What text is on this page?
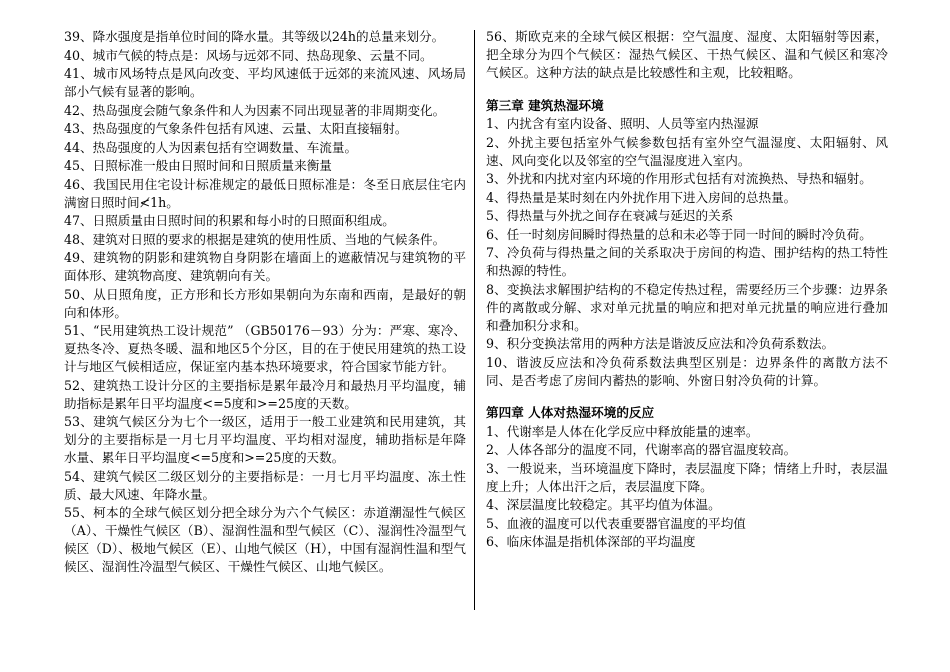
39、降水强度是指单位时间的降水量。其等级以24h的总量来划分。

40、城市气候的特点是：风场与远郊不同、热岛现象、云量不同。

41、城市风场特点是风向改变、平均风速低于远郊的来流风速、风场局部小气候有显著的影响。

42、热岛强度会随气象条件和人为因素不同出现显著的非周期变化。

43、热岛强度的气象条件包括有风速、云量、太阳直接辐射。

44、热岛强度的人为因素包括有空调数量、车流量。

45、日照标准一般由日照时间和日照质量来衡量

46、我国民用住宅设计标准规定的最低日照标准是：冬至日底层住宅内满窗日照时间≮1h。

47、日照质量由日照时间的积累和每小时的日照面积组成。

48、建筑对日照的要求的根据是建筑的使用性质、当地的气候条件。

49、建筑物的阴影和建筑物自身阴影在墙面上的遮蔽情况与建筑物的平面体形、建筑物高度、建筑朝向有关。

50、从日照角度，正方形和长方形如果朝向为东南和西南，是最好的朝向和体形。

51、“民用建筑热工设计规范” （GB50176－93）分为：严寒、寒冷、夏热冬冷、夏热冬暖、温和地区5个分区，目的在于使民用建筑的热工设计与地区气候相适应，保证室内基本热环境要求，符合国家节能方针。

52、建筑热工设计分区的主要指标是累年最冷月和最热月平均温度，辅助指标是累年日平均温度<=5度和>=25度的天数。

53、建筑气候区分为七个一级区，适用于一般工业建筑和民用建筑，其划分的主要指标是一月七月平均温度、平均相对湿度，辅助指标是年降水量、累年日平均温度<=5度和>=25度的天数。

54、建筑气候区二级区划分的主要指标是：一月七月平均温度、冻土性质、最大风速、年降水量。

55、柯本的全球气候区划分把全球分为六个气候区：赤道潮湿性气候区（A）、干燥性气候区（B）、湿润性温和型气候区（C）、湿润性冷温型气候区（D）、极地气候区（E）、山地气候区（H），中国有湿润性温和型气候区、湿润性冷温型气候区、干燥性气候区、山地气候区。

56、斯欧克来的全球气候区根据：空气温度、湿度、太阳辐射等因素，把全球分为四个气候区：湿热气候区、干热气候区、温和气候区和寒冷气候区。这种方法的缺点是比较感性和主观，比较粗略。

第三章 建筑热湿环境

1、内扰含有室内设备、照明、人员等室内热湿源

2、外扰主要包括室外气候参数包括有室外空气温湿度、太阳辐射、风速、风向变化以及邻室的空气温湿度进入室内。

3、外扰和内扰对室内环境的作用形式包括有对流换热、导热和辐射。

4、得热量是某时刻在内外扰作用下进入房间的总热量。

5、得热量与外扰之间存在衰减与延迟的关系

6、任一时刻房间瞬时得热量的总和未必等于同一时间的瞬时冷负荷。

7、冷负荷与得热量之间的关系取决于房间的构造、围护结构的热工特性和热源的特性。

8、变换法求解围护结构的不稳定传热过程，需要经历三个步骤：边界条件的离散或分解、求对单元扰量的响应和把对单元扰量的响应进行叠加和叠加积分求和。

9、积分变换法常用的两种方法是谐波反应法和冷负荷系数法。

10、谐波反应法和冷负荷系数法典型区别是：边界条件的离散方法不同、是否考虑了房间内蓄热的影响、外窗日射冷负荷的计算。

第四章 人体对热湿环境的反应

1、代谢率是人体在化学反应中释放能量的速率。

2、人体各部分的温度不同，代谢率高的器官温度较高。

3、一般说来，当环境温度下降时，表层温度下降；情绪上升时，表层温度上升；人体出汗之后，表层温度下降。

4、深层温度比较稳定。其平均值为体温。

5、血液的温度可以代表重要器官温度的平均值

6、临床体温是指机体深部的平均温度
